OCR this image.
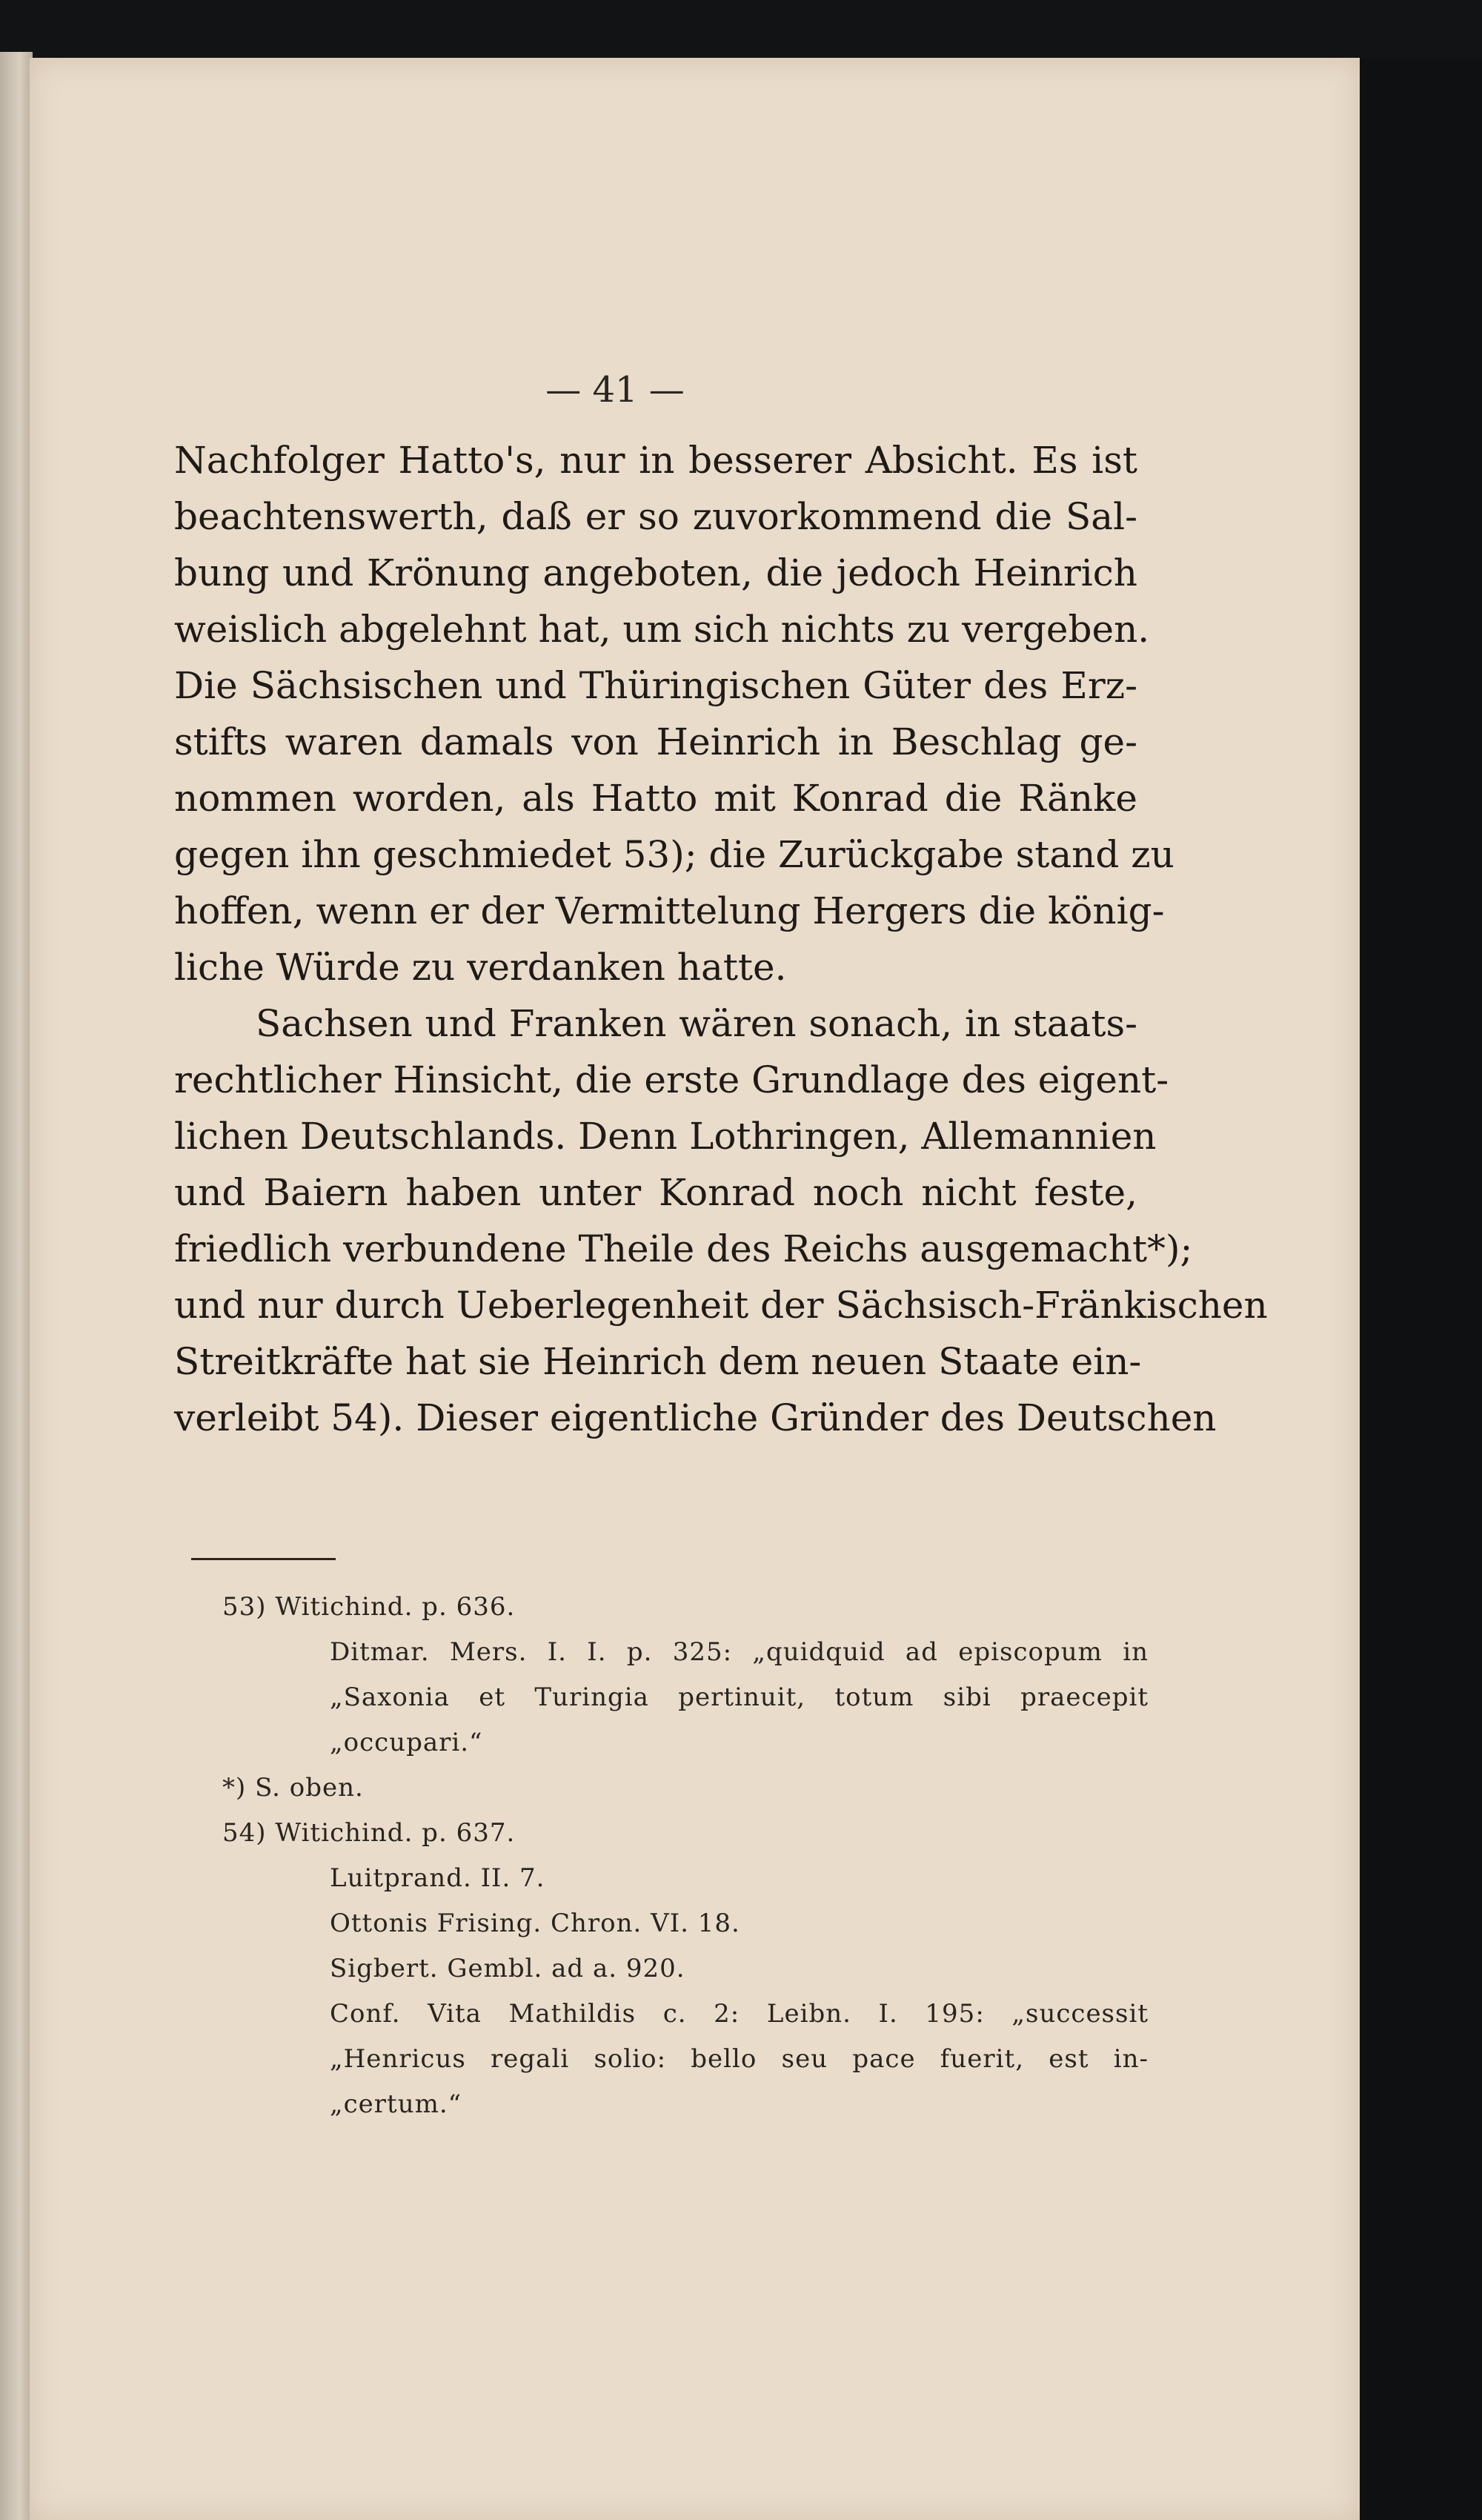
— 41 —
Nachfolger Hatto's, nur in besserer Absicht. Es ist
beachtenswerth, daß er so zuvorkommend die Sal-
bung und Krönung angeboten, die jedoch Heinrich
weislich abgelehnt hat, um sich nichts zu vergeben.
Die Sächsischen und Thüringischen Güter des Erz-
stifts waren damals von Heinrich in Beschlag ge-
nommen worden, als Hatto mit Konrad die Ränke
gegen ihn geschmiedet 53); die Zurückgabe stand zu
hoffen, wenn er der Vermittelung Hergers die könig-
liche Würde zu verdanken hatte.
Sachsen und Franken wären sonach, in staats-
rechtlicher Hinsicht, die erste Grundlage des eigent-
lichen Deutschlands. Denn Lothringen, Allemannien
und Baiern haben unter Konrad noch nicht feste,
friedlich verbundene Theile des Reichs ausgemacht*);
und nur durch Ueberlegenheit der Sächsisch-Fränkischen
Streitkräfte hat sie Heinrich dem neuen Staate ein-
verleibt 54). Dieser eigentliche Gründer des Deutschen
53) Witichind. p. 636.
Ditmar. Mers. I. I. p. 325: „quidquid ad episcopum in
„Saxonia et Turingia pertinuit, totum sibi praecepit
„occupari.“
*) S. oben.
54) Witichind. p. 637.
Luitprand. II. 7.
Ottonis Frising. Chron. VI. 18.
Sigbert. Gembl. ad a. 920.
Conf. Vita Mathildis c. 2: Leibn. I. 195: „successit
„Henricus regali solio: bello seu pace fuerit, est in-
„certum.“
